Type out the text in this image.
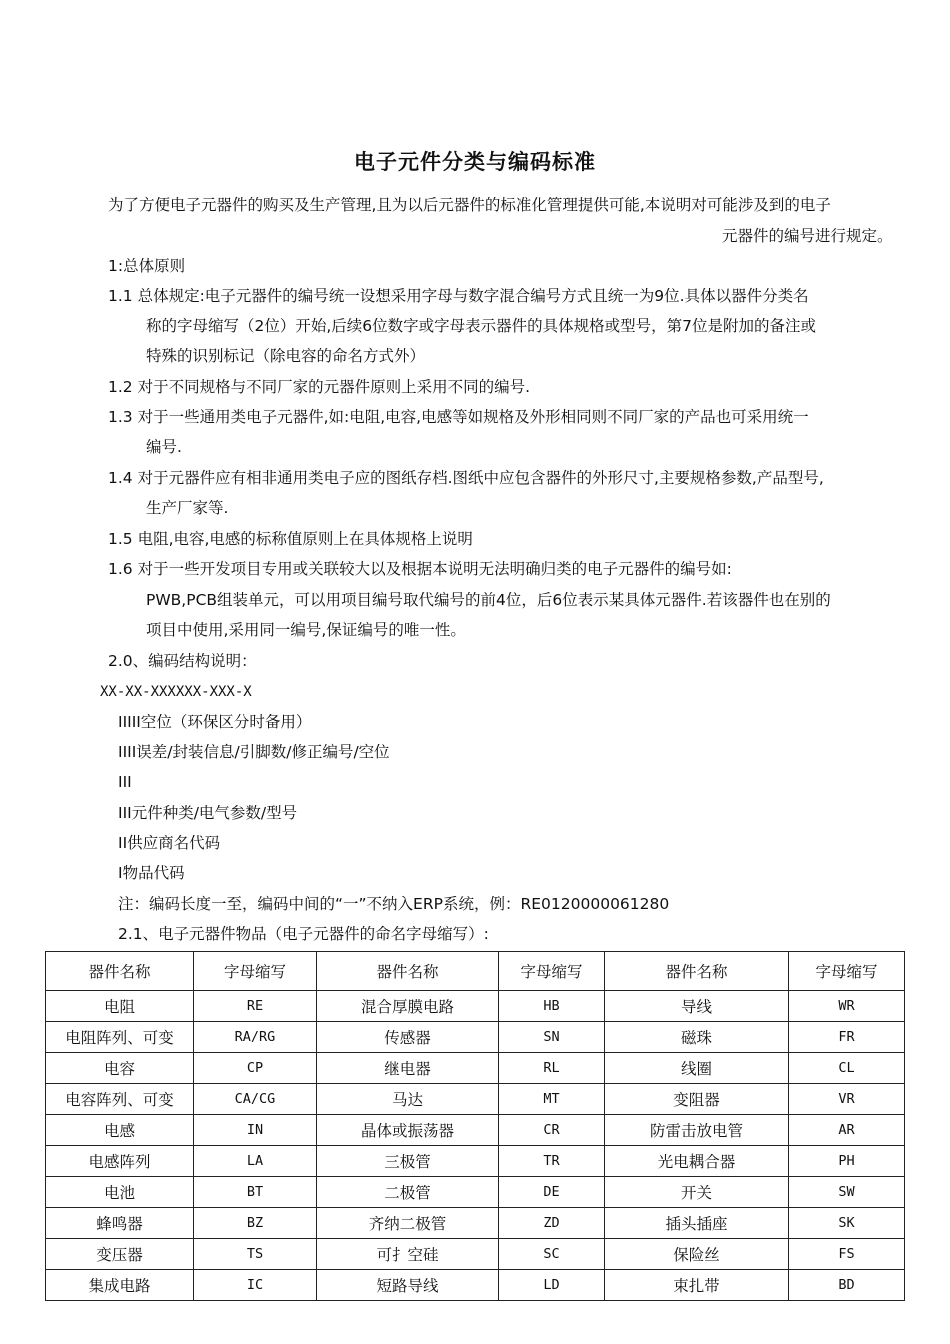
电子元件分类与编码标准
为了方便电子元器件的购买及生产管理,且为以后元器件的标准化管理提供可能,本说明对可能涉及到的电子
元器件的编号进行规定。
1:总体原则
1.1 总体规定:电子元器件的编号统一设想采用字母与数字混合编号方式且统一为9位.具体以器件分类名
称的字母缩写（2位）开始,后续6位数字或字母表示器件的具体规格或型号，第7位是附加的备注或
特殊的识别标记（除电容的命名方式外）
1.2 对于不同规格与不同厂家的元器件原则上采用不同的编号.
1.3 对于一些通用类电子元器件,如:电阻,电容,电感等如规格及外形相同则不同厂家的产品也可采用统一
编号.
1.4 对于元器件应有相非通用类电子应的图纸存档.图纸中应包含器件的外形尺寸,主要规格参数,产品型号,
生产厂家等.
1.5 电阻,电容,电感的标称值原则上在具体规格上说明
1.6 对于一些开发项目专用或关联较大以及根据本说明无法明确归类的电子元器件的编号如:
PWB,PCB组装单元，可以用项目编号取代编号的前4位，后6位表示某具体元器件.若该器件也在别的
项目中使用,采用同一编号,保证编号的唯一性。
2.0、编码结构说明：
XX-XX-XXXXXX-XXX-X
IIIII空位（环保区分时备用）
IIII误差/封装信息/引脚数/修正编号/空位
III
III元件种类/电气参数/型号
II供应商名代码
I物品代码
注：编码长度一至，编码中间的“一”不纳入ERP系统，例：RE0120000061280
2.1、电子元器件物品（电子元器件的命名字母缩写）:
器件名称	字母缩写	器件名称	字母缩写	器件名称	字母缩写
电阻	RE	混合厚膜电路	HB	导线	WR
电阻阵列、可变	RA/RG	传感器	SN	磁珠	FR
电容	CP	继电器	RL	线圈	CL
电容阵列、可变	CA/CG	马达	MT	变阻器	VR
电感	IN	晶体或振荡器	CR	防雷击放电管	AR
电感阵列	LA	三极管	TR	光电耦合器	PH
电池	BT	二极管	DE	开关	SW
蜂鸣器	BZ	齐纳二极管	ZD	插头插座	SK
变压器	TS	可扌空硅	SC	保险丝	FS
集成电路	IC	短路导线	LD	束扎带	BD
